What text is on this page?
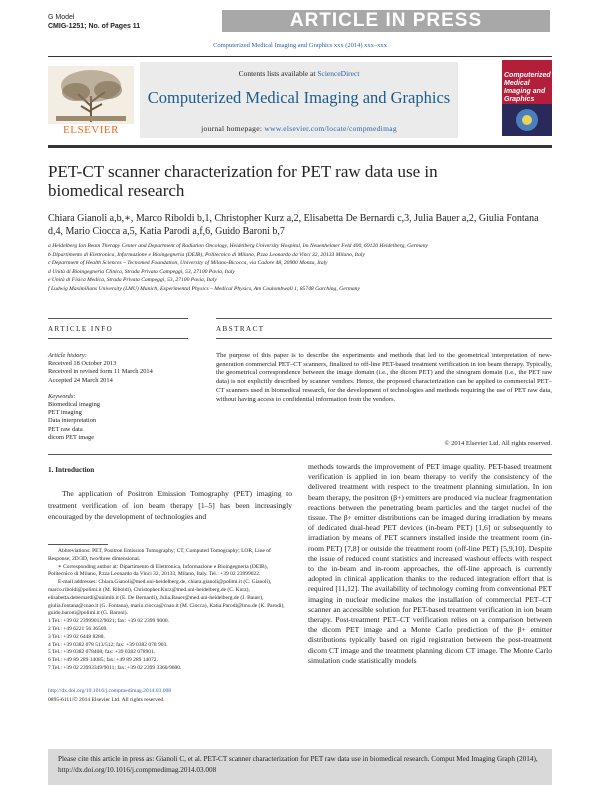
G Model
CMIG-1251; No. of Pages 11	ARTICLE IN PRESS
Computerized Medical Imaging and Graphics xxx (2014) xxx–xxx
ELSEVIER
Contents lists available at ScienceDirect
Computerized Medical Imaging and Graphics
journal homepage: www.elsevier.com/locate/compmedimag
Computerized Medical Imaging and Graphics
PET-CT scanner characterization for PET raw data use in biomedical research
Chiara Gianoli a,b,∗, Marco Riboldi b,1, Christopher Kurz a,2, Elisabetta De Bernardi c,3, Julia Bauer a,2, Giulia Fontana d,4, Mario Ciocca a,5, Katia Parodi a,f,6, Guido Baroni b,7
a Heidelberg Ion Beam Therapy Center and Department of Radiation Oncology, Heidelberg University Hospital, Im Neuenheimer Feld 400, 69120 Heidelberg, Germany
b Dipartimento di Elettronica, Informazione e Bioingegneria (DEIB), Politecnico di Milano, P.zza Leonardo da Vinci 32, 20133 Milano, Italy
c Department of Health Sciences – Tecnomed Foundation, University of Milano-Bicocca, via Cadore 48, 20900 Monza, Italy
d Unità di Bioingegneria Clinica, Strada Privata Campeggi, 53, 27100 Pavia, Italy
e Unità di Fisica Medica, Strada Privata Campeggi, 53, 27100 Pavia, Italy
f Ludwig Maximilians University (LMU) Munich, Experimental Physics – Medical Physics, Am Coulombwall 1, 85748 Garching, Germany
ARTICLE INFO	ABSTRACT
Article history:
Received 18 October 2013
Received in revised form 11 March 2014
Accepted 24 March 2014
Keywords:
Biomedical imaging
PET imaging
Data interpretation
PET raw data
dicom PET image
The purpose of this paper is to describe the experiments and methods that led to the geometrical interpretation of new-generation commercial PET–CT scanners, finalized to off-line PET-based treatment verification in ion beam therapy. Typically, the geometrical correspondence between the image domain (i.e., the dicom PET) and the sinogram domain (i.e., the PET raw data) is not explicitly described by scanner vendors. Hence, the proposed characterization can be applied to commercial PET–CT scanners used in biomedical research, for the development of technologies and methods requiring the use of PET raw data, without having access to confidential information from the vendors.
© 2014 Elsevier Ltd. All rights reserved.
1. Introduction
The application of Positron Emission Tomography (PET) imaging to treatment verification of ion beam therapy [1–5] has been increasingly encouraged by the development of technologies and
Abbreviations: PET, Positron Emission Tomography; CT, Computed Tomography; LOR, Line of Response; 2D/3D, two/three dimensional.
∗ Corresponding author at: Dipartimento di Elettronica, Informazione e Bioingegneria (DEIB), Politecnico di Milano, P.zza Leonardo da Vinci 32, 20133, Milano, Italy. Tel.: +39 02 23999022.
E-mail addresses: Chiara.Gianoli@med.uni-heidelberg.de, chiara.gianoli@polimi.it (C. Gianoli), marco.riboldi@polimi.it (M. Riboldi), Christopher.Kurz@med.uni-heidelberg.de (C. Kurz), elisabetta.debernardi@unimib.it (E. De Bernardi), Julia.Bauer@med.uni-heidelberg.de (J. Bauer), giulia.fontana@cnao.it (G. Fontana), mario.ciocca@cnao.it (M. Ciocca), Katia.Parodi@lmu.de (K. Parodi), guido.baroni@polimi.it (G. Baroni).
1 Tel.: +39 02 23999012/9021; fax: +39 02 2399 9000.
2 Tel.: +49 6221 56 36569.
3 Tel.: +39 02 6448 8288.
4 Tel.: +39 0382 078 513/512; fax: +39 0382 078 903.
5 Tel.: +39 0382 078408; fax: +39 0382 078901.
6 Tel.: +49 89 289 14085; fax: +49 89 289 14072.
7 Tel.: +39 02 23993349/9011; fax: +39 02 2399 3360/9000.
http://dx.doi.org/10.1016/j.compmedimag.2014.03.008
0895-6111/© 2014 Elsevier Ltd. All rights reserved.
methods towards the improvement of PET image quality. PET-based treatment verification is applied in ion beam therapy to verify the consistency of the delivered treatment with respect to the treatment planning simulation. In ion beam therapy, the positron (β+) emitters are produced via nuclear fragmentation reactions between the penetrating beam particles and the target nuclei of the tissue. The β+ emitter distributions can be imaged during irradiation by means of dedicated dual-head PET devices (in-beam PET) [1,6] or subsequently to irradiation by means of PET scanners installed inside the treatment room (in-room PET) [7,8] or outside the treatment room (off-line PET) [5,9,10]. Despite the issue of reduced count statistics and increased washout effects with respect to the in-beam and in-room approaches, the off-line approach is currently adopted in clinical application thanks to the reduced integration effort that is required [11,12]. The availability of technology coming from conventional PET imaging in nuclear medicine makes the installation of commercial PET–CT scanner an accessible solution for PET-based treatment verification in ion beam therapy. Post-treatment PET–CT verification relies on a comparison between the dicom PET image and a Monte Carlo prediction of the β+ emitter distributions typically based on rigid registration between the post-treatment dicom CT image and the treatment planning dicom CT image. The Monte Carlo simulation code statistically models
Please cite this article in press as: Gianoli C, et al. PET-CT scanner characterization for PET raw data use in biomedical research. Comput Med Imaging Graph (2014), http://dx.doi.org/10.1016/j.compmedimag.2014.03.008
